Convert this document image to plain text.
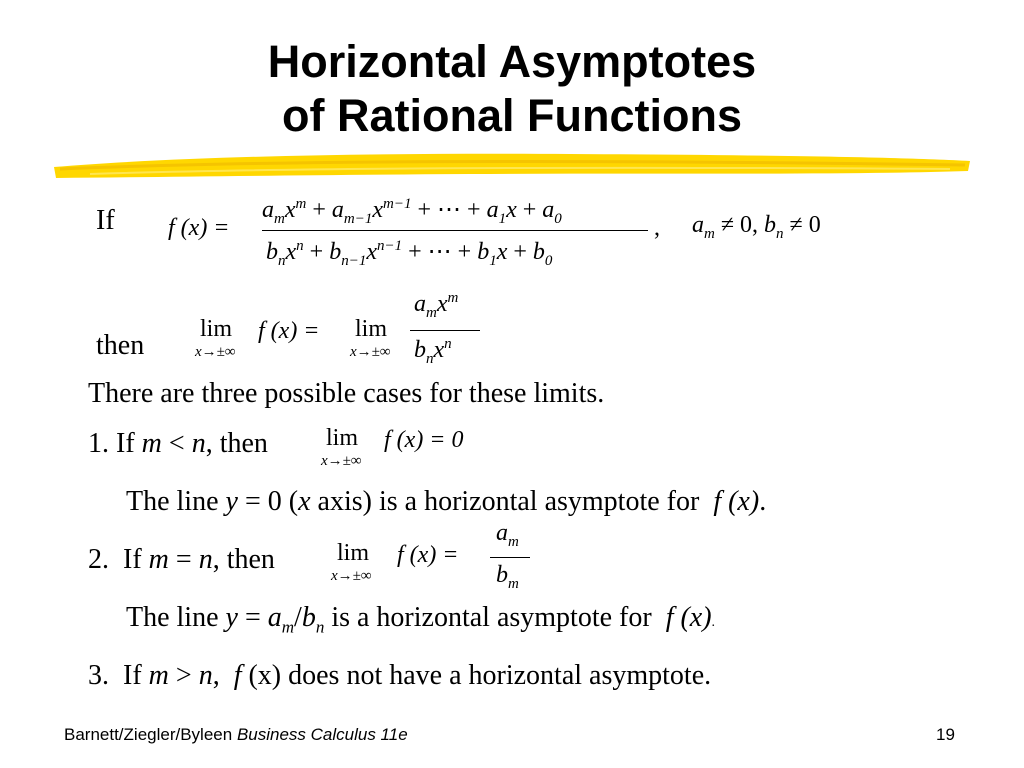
Horizontal Asymptotes
of Rational Functions
If f (x) =
$a_mx^m + a_{m-1}x^{m-1}$ + ⋯ + $a_1x + a_0$
$b_nx^n + b_{n-1}x^{n-1}$ + ⋯ + $b_1x + b_0$
, $a_m \ne 0$, $b_n \ne 0$
then
lim
x→±∞
f (x) = lim
x→±∞
$a_mx^m$
$b_nx^n$
There are three possible cases for these limits.
1. If m < n, then lim
x→±∞
f (x) = 0
The line y = 0 (x axis) is a horizontal asymptote for f (x).
2. If m = n, then	lim
x→±∞
f (x) =
$a_m$
$b_m$
The line $y = a_m/b_n$ is a horizontal asymptote for f (x).
3. If m > n, f (x) does not have a horizontal asymptote.
Barnett/Ziegler/Byleen Business Calculus 11e	19
